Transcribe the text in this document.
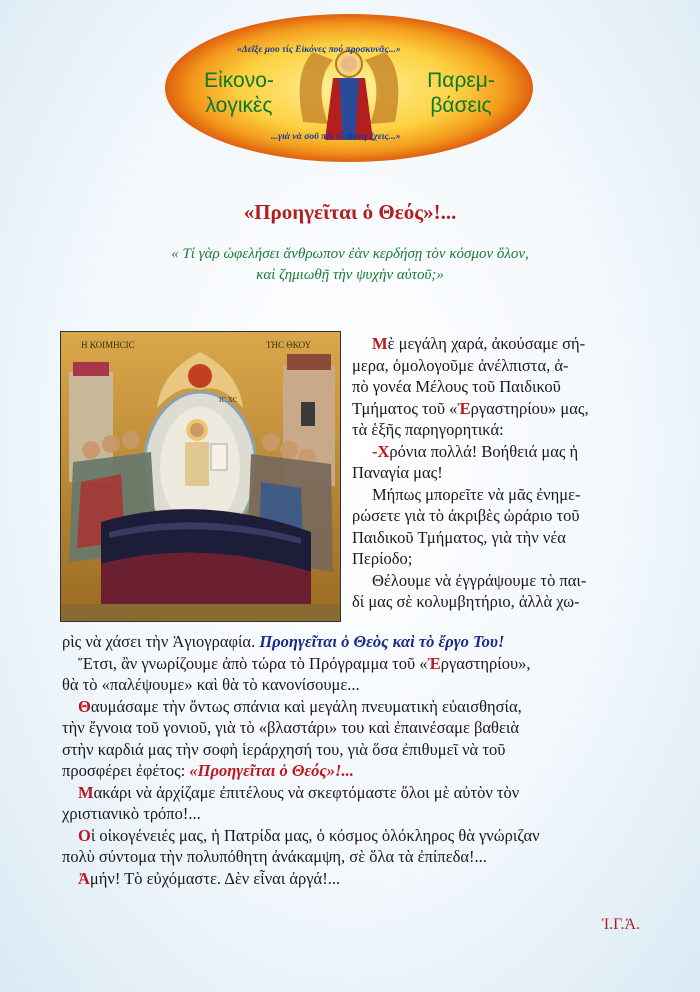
«Δεῖξε μου τίς Εἰκόνες πού προσκυνᾶς...»
Εἰκονο-
λογικὲς
Παρεμ-
βάσεις
...γιὰ νὰ σοῦ πῶ τί πίστη ἔχεις...»
«Προηγεῖται ὁ Θεός»!...
« Τί γὰρ ὠφελήσει ἄνθρωπον ἐὰν κερδήσῃ τὸν κόσμον ὅλον,
καὶ ζημιωθῇ τὴν ψυχὴν αὐτοῦ;»
Η ΚΟΙΜΗϹΙϹ	ΤΗϹ ΘΚΟΥ
ΙϹ ΧϹ
Μὲ μεγάλη χαρά, ἀκούσαμε σή-
μερα, ὁμολογοῦμε ἀνέλπιστα, ἀ-
πὸ γονέα Μέλους τοῦ Παιδικοῦ
Τμήματος τοῦ «Ἐργαστηρίου» μας,
τὰ ἑξῆς παρηγορητικά:
-Χρόνια πολλά! Βοήθειά μας ἡ
Παναγία μας!
Μήπως μπορεῖτε νὰ μᾶς ἐνημε-
ρώσετε γιὰ τὸ ἀκριβὲς ὡράριο τοῦ
Παιδικοῦ Τμήματος, γιὰ τὴν νέα
Περίοδο;
Θέλουμε νὰ ἐγγράψουμε τὸ παι-
δί μας σὲ κολυμβητήριο, ἀλλὰ χω-
ρὶς νὰ χάσει τὴν Ἁγιογραφία. Προηγεῖται ὁ Θεὸς καὶ τὸ ἔργο Του!
Ἔτσι, ἂν γνωρίζουμε ἀπὸ τώρα τὸ Πρόγραμμα τοῦ «Ἐργαστηρίου»,
θὰ τὸ «παλέψουμε» καὶ θὰ τὸ κανονίσουμε...
Θαυμάσαμε τὴν ὄντως σπάνια καὶ μεγάλη πνευματικὴ εὐαισθησία,
τὴν ἔγνοια τοῦ γονιοῦ, γιὰ τὸ «βλαστάρι» του καὶ ἐπαινέσαμε βαθειὰ
στὴν καρδιά μας τὴν σοφὴ ἱεράρχησή του, γιὰ ὅσα ἐπιθυμεῖ νὰ τοῦ
προσφέρει ἐφέτος: «Προηγεῖται ὁ Θεός»!...
Μακάρι νὰ ἀρχίζαμε ἐπιτέλους νὰ σκεφτόμαστε ὅλοι μὲ αὐτὸν τὸν
χριστιανικὸ τρόπο!...
Οἱ οἰκογένειές μας, ἡ Πατρίδα μας, ὁ κόσμος ὁλόκληρος θὰ γνώριζαν
πολὺ σύντομα τὴν πολυπόθητη ἀνάκαμψη, σὲ ὅλα τὰ ἐπίπεδα!...
Ἀμήν! Τὸ εὐχόμαστε. Δὲν εἶναι ἀργά!...
Ἰ.Γ.Ἀ.
